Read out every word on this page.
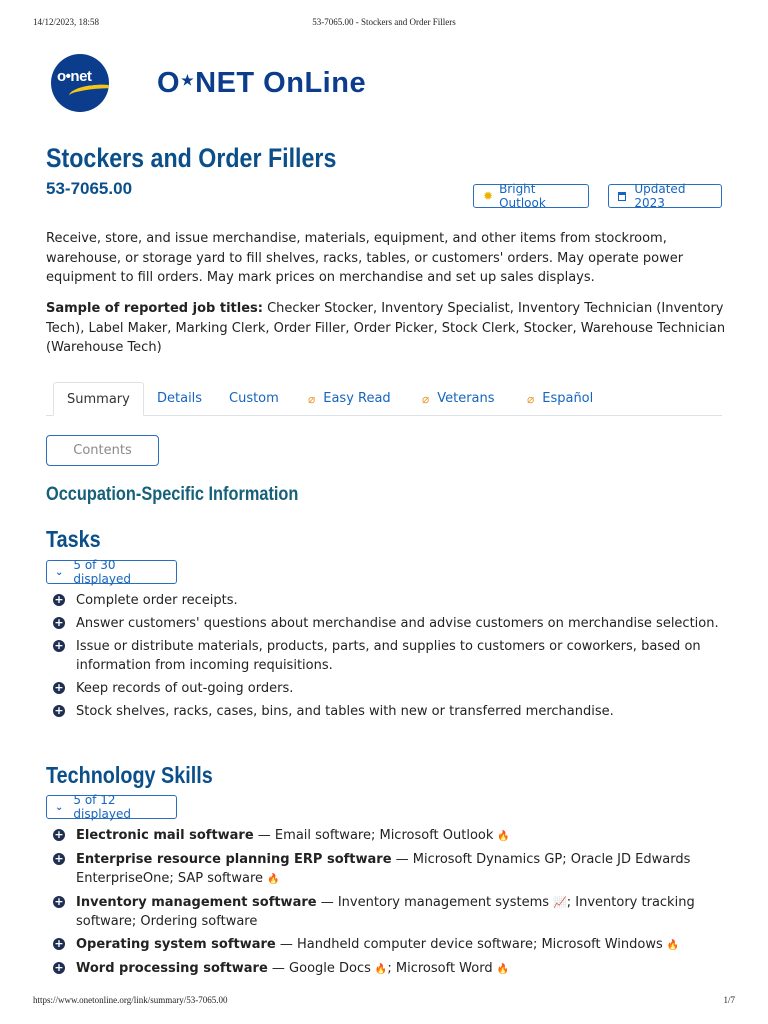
14/12/2023, 18:58	53-7065.00 - Stockers and Order Fillers
o•net O★NET OnLine
Stockers and Order Fillers
53-7065.00	✹ Bright Outlook
Updated 2023

Receive, store, and issue merchandise, materials, equipment, and other items from stockroom, warehouse, or storage yard to fill shelves, racks, tables, or customers' orders. May operate power equipment to fill orders. May mark prices on merchandise and set up sales displays.

Sample of reported job titles: Checker Stocker, Inventory Specialist, Inventory Technician (Inventory Tech), Label Maker, Marking Clerk, Order Filler, Order Picker, Stock Clerk, Stocker, Warehouse Technician (Warehouse Tech)

Summary Details Custom ⌀ Easy Read	⌀ Veterans	⌀ Español
Contents
Occupation-Specific Information
Tasks
⌄ 5 of 30 displayed
+ Complete order receipts.
+ Answer customers' questions about merchandise and advise customers on merchandise selection.
+ Issue or distribute materials, products, parts, and supplies to customers or coworkers, based on information from incoming requisitions.
+ Keep records of out-going orders.
+ Stock shelves, racks, cases, bins, and tables with new or transferred merchandise.
Technology Skills
⌄ 5 of 12 displayed
+ Electronic mail software — Email software; Microsoft Outlook 🔥
+ Enterprise resource planning ERP software — Microsoft Dynamics GP; Oracle JD Edwards EnterpriseOne; SAP software 🔥
+ Inventory management software — Inventory management systems 📈; Inventory tracking software; Ordering software
+ Operating system software — Handheld computer device software; Microsoft Windows 🔥
+ Word processing software — Google Docs 🔥; Microsoft Word 🔥
https://www.onetonline.org/link/summary/53-7065.00	1/7
